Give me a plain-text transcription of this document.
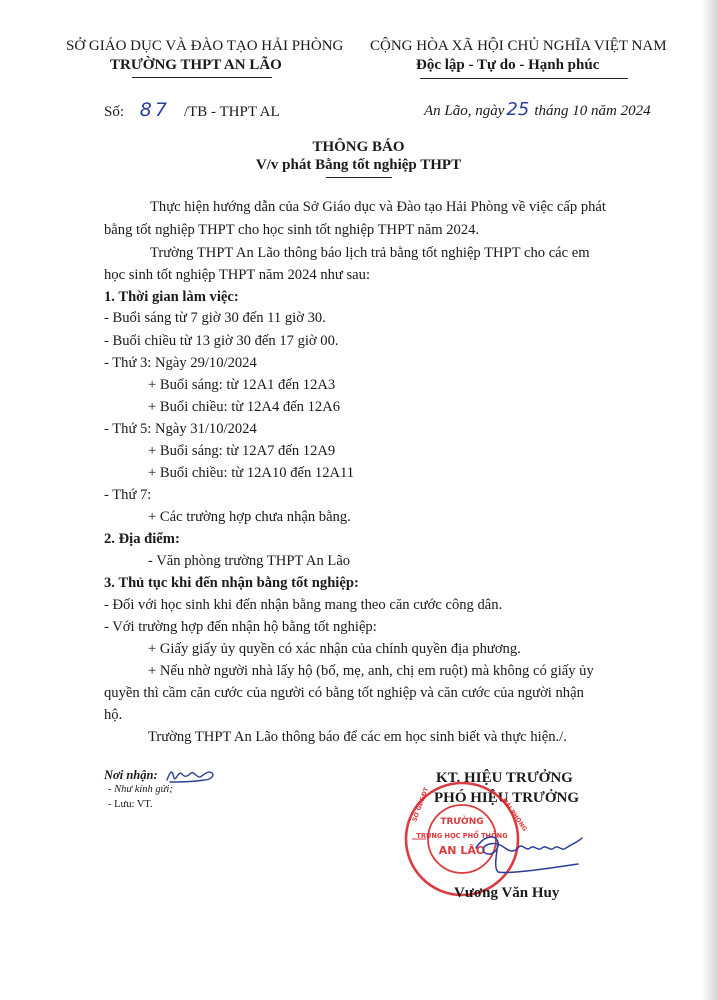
SỞ GIÁO DỤC VÀ ĐÀO TẠO HẢI PHÒNG
TRƯỜNG THPT AN LÃO
CỘNG HÒA XÃ HỘI CHỦ NGHĨA VIỆT NAM
Độc lập - Tự do - Hạnh phúc
Số: 87 /TB - THPT AL	An Lão, ngày 25 tháng 10 năm 2024
THÔNG BÁO
V/v phát Bằng tốt nghiệp THPT
Thực hiện hướng dẫn của Sở Giáo dục và Đào tạo Hải Phòng về việc cấp phát
bằng tốt nghiệp THPT cho học sinh tốt nghiệp THPT năm 2024.
Trường THPT An Lão thông báo lịch trả bằng tốt nghiệp THPT cho các em
học sinh tốt nghiệp THPT năm 2024 như sau:
1. Thời gian làm việc:
- Buổi sáng từ 7 giờ 30 đến 11 giờ 30.
- Buổi chiều từ 13 giờ 30 đến 17 giờ 00.
- Thứ 3: Ngày 29/10/2024
+ Buổi sáng: từ 12A1 đến 12A3
+ Buổi chiều: từ 12A4 đến 12A6
- Thứ 5: Ngày 31/10/2024
+ Buổi sáng: từ 12A7 đến 12A9
+ Buổi chiều: từ 12A10 đến 12A11
- Thứ 7:
+ Các trường hợp chưa nhận bằng.
2. Địa điểm:
- Văn phòng trường THPT An Lão
3. Thủ tục khi đến nhận bằng tốt nghiệp:
- Đối với học sinh khi đến nhận bằng mang theo căn cước công dân.
- Với trường hợp đến nhận hộ bằng tốt nghiệp:
+ Giấy giấy ủy quyền có xác nhận của chính quyền địa phương.
+ Nếu nhờ người nhà lấy hộ (bố, mẹ, anh, chị em ruột) mà không có giấy ủy
quyền thì cầm căn cước của người có bằng tốt nghiệp và căn cước của người nhận
hộ.
Trường THPT An Lão thông báo để các em học sinh biết và thực hiện./.
Nơi nhận:
- Như kính gửi;
- Lưu: VT.
KT. HIỆU TRƯỞNG
PHÓ HIỆU TRƯỞNG
TRƯỜNG
TRUNG HỌC PHỔ THÔNG
AN LÃO
SỞ GD&ĐT	HẢI PHÒNG
Vương Văn Huy
